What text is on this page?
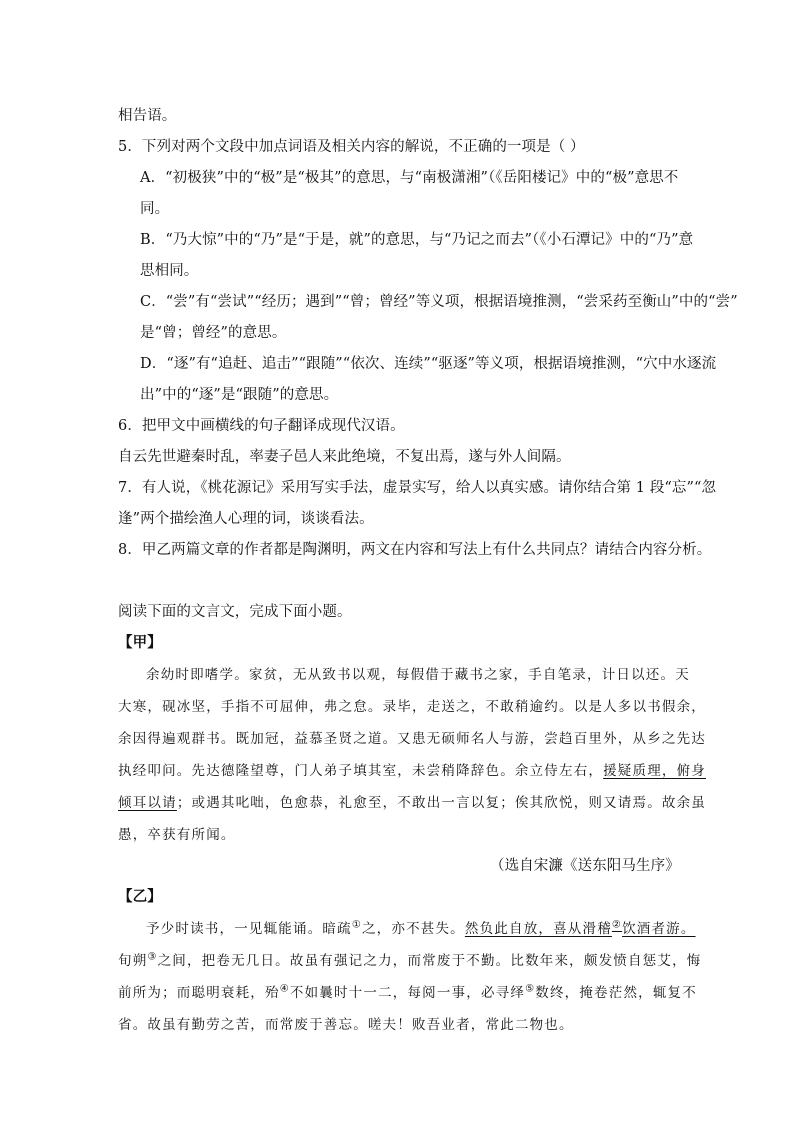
相告语。
5．下列对两个文段中加点词语及相关内容的解说，不正确的一项是（ ）
A．“初极狭”中的“极”是“极其”的意思，与“南极潇湘”（《岳阳楼记》中的“极”意思不
同。
B．“乃大惊”中的“乃”是“于是，就”的意思，与“乃记之而去”（《小石潭记》中的“乃”意
思相同。
C．“尝”有“尝试”“经历；遇到”“曾；曾经”等义项，根据语境推测，“尝采药至衡山”中的“尝”
是“曾；曾经”的意思。
D．“逐”有“追赶、追击”“跟随”“依次、连续”“驱逐”等义项，根据语境推测，“穴中水逐流
出”中的“逐”是“跟随”的意思。
6．把甲文中画横线的句子翻译成现代汉语。
自云先世避秦时乱，率妻子邑人来此绝境，不复出焉，遂与外人间隔。
7．有人说，《桃花源记》采用写实手法，虚景实写，给人以真实感。请你结合第 1 段“忘”“忽
逢”两个描绘渔人心理的词，谈谈看法。
8．甲乙两篇文章的作者都是陶渊明，两文在内容和写法上有什么共同点？请结合内容分析。
阅读下面的文言文，完成下面小题。
【甲】
余幼时即嗜学。家贫，无从致书以观，每假借于藏书之家，手自笔录，计日以还。天
大寒，砚冰坚，手指不可屈伸，弗之怠。录毕，走送之，不敢稍逾约。以是人多以书假余，
余因得遍观群书。既加冠，益慕圣贤之道。又患无硕师名人与游，尝趋百里外，从乡之先达
执经叩问。先达德隆望尊，门人弟子填其室，未尝稍降辞色。余立侍左右，援疑质理，俯身
倾耳以请；或遇其叱咄，色愈恭，礼愈至，不敢出一言以复；俟其欣悦，则又请焉。故余虽
愚，卒获有所闻。
（选自宋濂《送东阳马生序》
【乙】
予少时读书，一见辄能诵。暗疏①之，亦不甚失。然负此自放，喜从滑稽②饮酒者游。
旬朔③之间，把卷无几日。故虽有强记之力，而常废于不勤。比数年来，颇发愤自惩艾，悔
前所为；而聪明衰耗，殆④不如曩时十一二，每阅一事，必寻绎⑤数终，掩卷茫然，辄复不
省。故虽有勤劳之苦，而常废于善忘。嗟夫！败吾业者，常此二物也。
